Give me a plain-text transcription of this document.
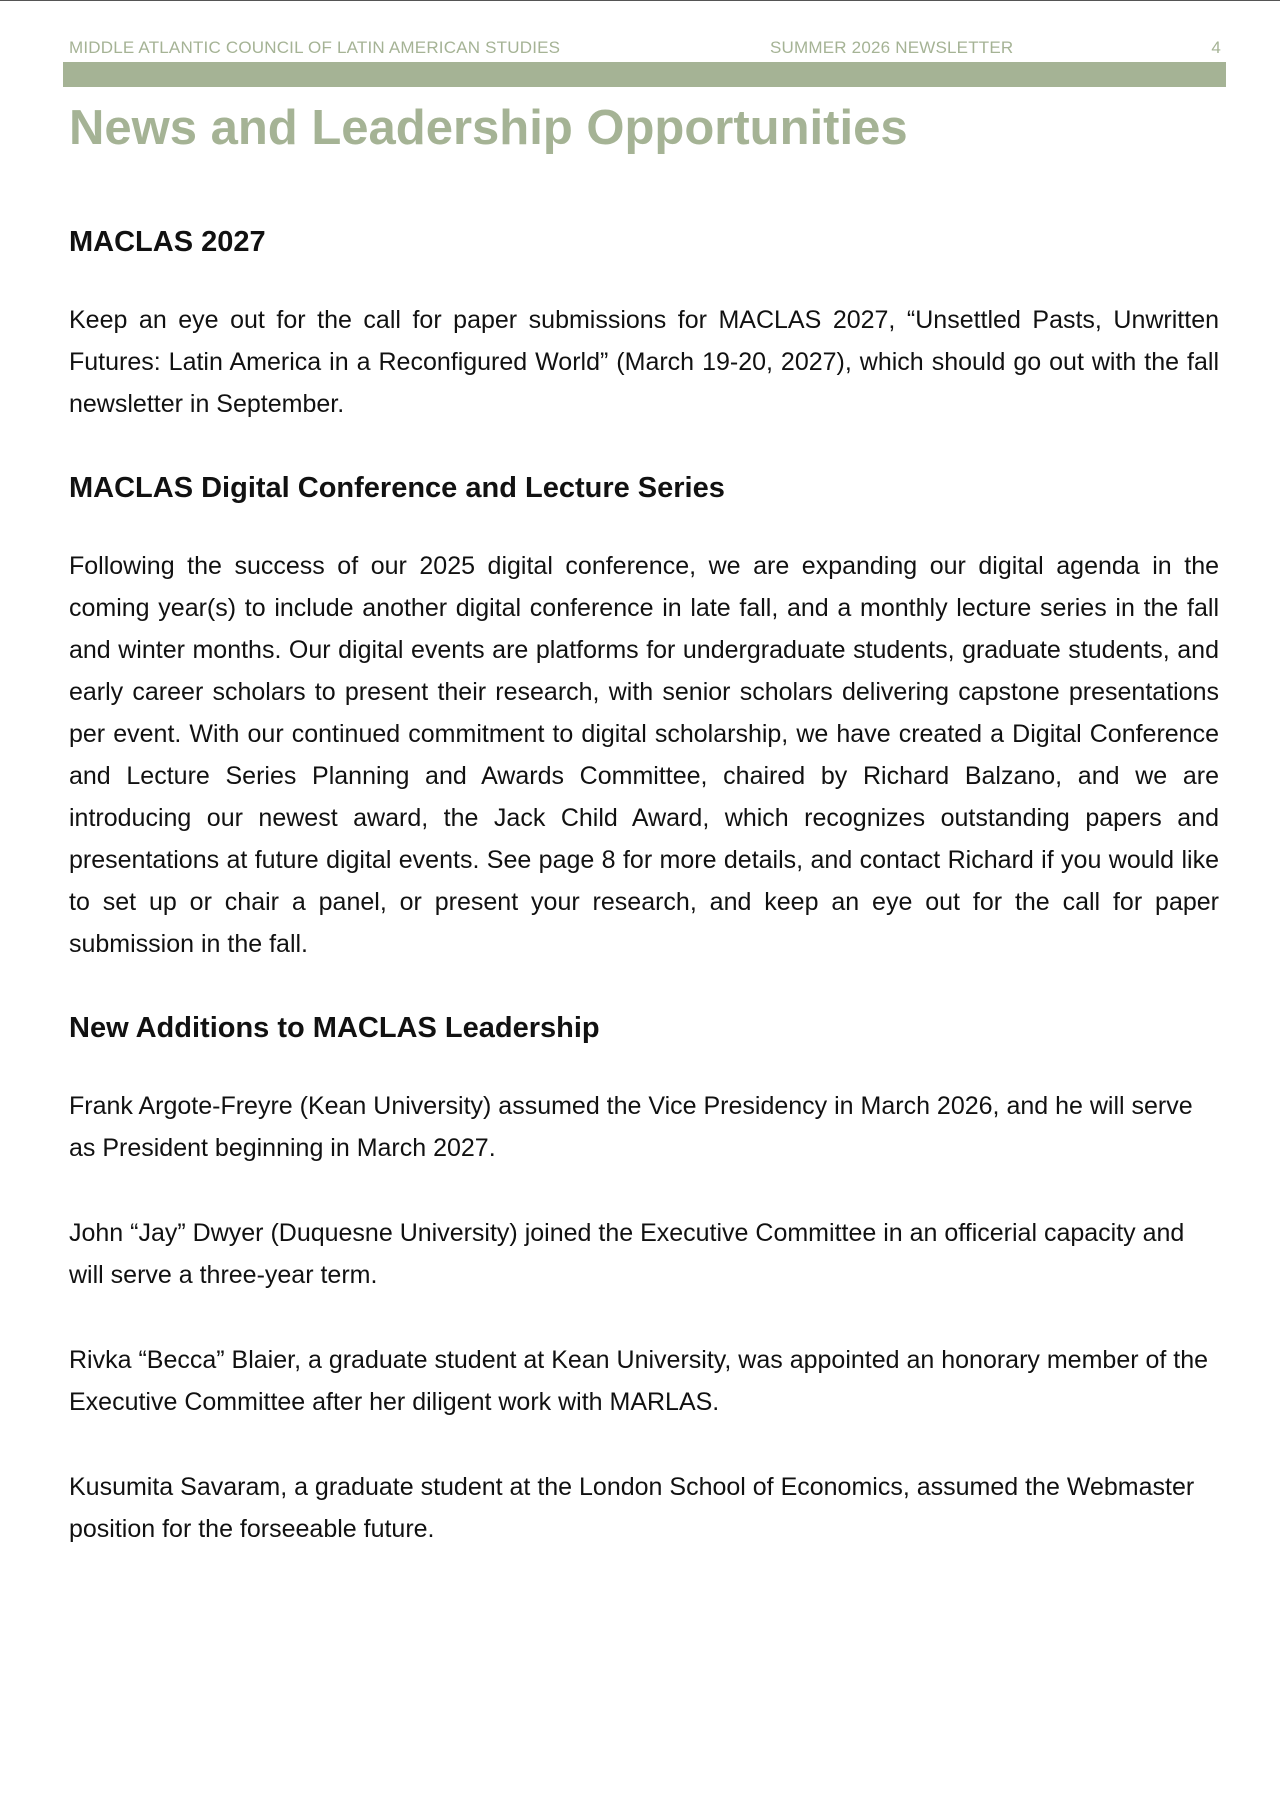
MIDDLE ATLANTIC COUNCIL OF LATIN AMERICAN STUDIES	SUMMER 2026 NEWSLETTER	4
News and Leadership Opportunities
MACLAS 2027

Keep an eye out for the call for paper submissions for MACLAS 2027, “Unsettled Pasts, Unwritten Futures: Latin America in a Reconfigured World” (March 19-20, 2027), which should go out with the fall newsletter in September.

MACLAS Digital Conference and Lecture Series

Following the success of our 2025 digital conference, we are expanding our digital agenda in the coming year(s) to include another digital conference in late fall, and a monthly lecture series in the fall and winter months. Our digital events are platforms for undergraduate students, graduate students, and early career scholars to present their research, with senior scholars delivering capstone presentations per event. With our continued commitment to digital scholarship, we have created a Digital Conference and Lecture Series Planning and Awards Committee, chaired by Richard Balzano, and we are introducing our newest award, the Jack Child Award, which recognizes outstanding papers and presentations at future digital events. See page 8 for more details, and contact Richard if you would like to set up or chair a panel, or present your research, and keep an eye out for the call for paper submission in the fall.

New Additions to MACLAS Leadership

Frank Argote-Freyre (Kean University) assumed the Vice Presidency in March 2026, and he will serve as President beginning in March 2027.

John “Jay” Dwyer (Duquesne University) joined the Executive Committee in an officerial capacity and will serve a three-year term.

Rivka “Becca” Blaier, a graduate student at Kean University, was appointed an honorary member of the Executive Committee after her diligent work with MARLAS.

Kusumita Savaram, a graduate student at the London School of Economics, assumed the Webmaster position for the forseeable future.
